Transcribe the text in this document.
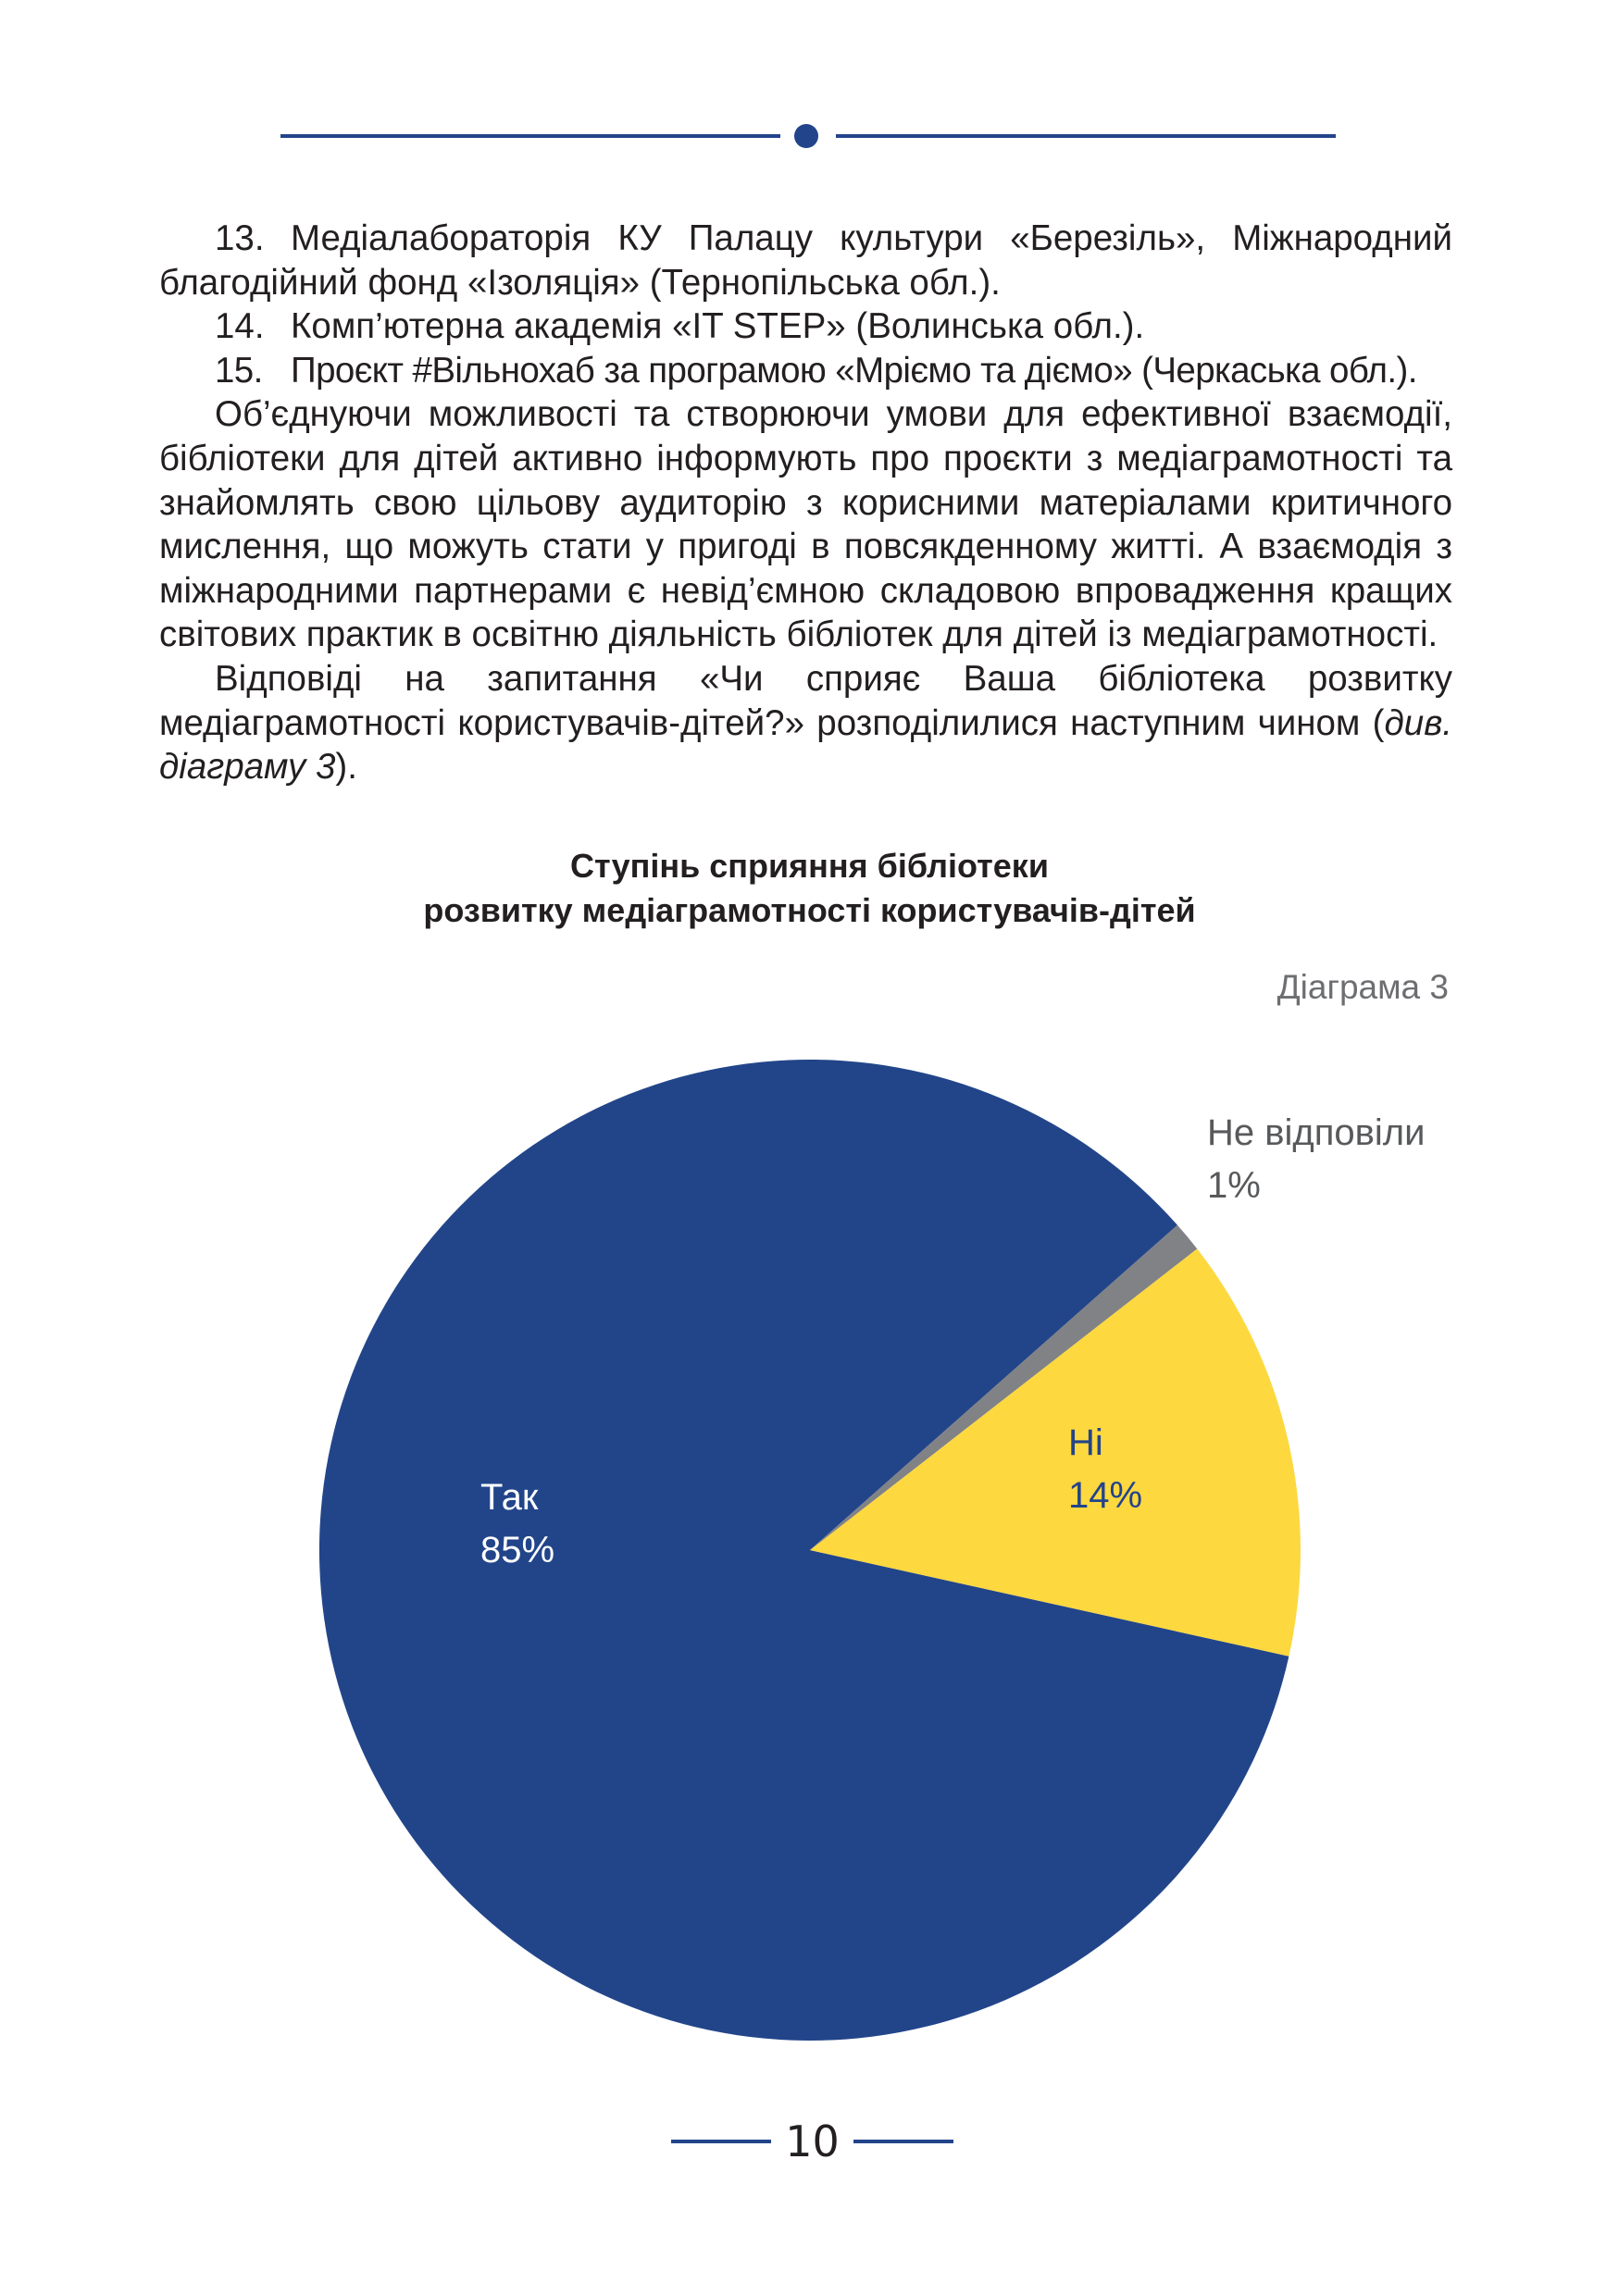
13. Медіалабораторія КУ Палацу культури «Березіль», Міжнародний благодійний фонд «Ізоляція» (Тернопільська обл.).

14. Комп’ютерна академія «IT STEP» (Волинська обл.).

15. Проєкт #Вільнохаб за програмою «Мріємо та діємо» (Черкаська обл.).

Об’єднуючи можливості та створюючи умови для ефективної взаємодії, бібліотеки для дітей активно інформують про проєкти з медіаграмотності та знайомлять свою цільову аудиторію з корисними матеріалами критичного мислення, що можуть стати у пригоді в повсякденному житті. А взаємодія з міжнародними партнерами є невід’ємною складовою впровадження кращих світових практик в освітню діяльність бібліотек для дітей із медіаграмотності.

Відповіді на запитання «Чи сприяє Ваша бібліотека розвитку медіаграмотності користувачів-дітей?» розподілилися наступним чином (див. діаграму 3).

Ступінь сприяння бібліотеки
розвитку медіаграмотності користувачів-дітей
Діаграма 3
Так
85%
Ні
14%
Не відповіли
1%
10
